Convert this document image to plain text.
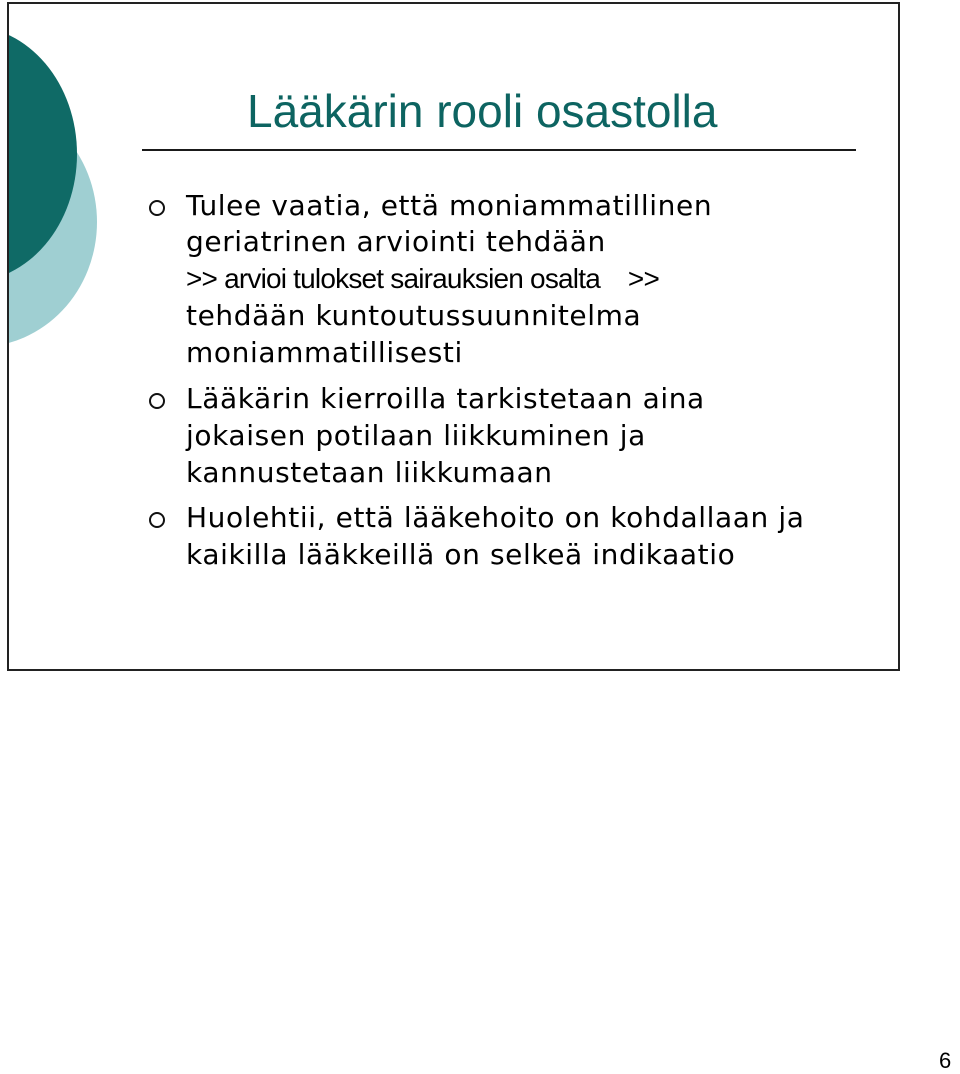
Lääkärin rooli osastolla

Tulee vaatia, että moniammatillinen

geriatrinen arviointi tehdään

>> arvioi tulokset sairauksien osalta    >>

tehdään kuntoutussuunnitelma

moniammatillisesti

Lääkärin kierroilla tarkistetaan aina

jokaisen potilaan liikkuminen ja

kannustetaan liikkumaan

Huolehtii, että lääkehoito on kohdallaan ja

kaikilla lääkkeillä on selkeä indikaatio

6
